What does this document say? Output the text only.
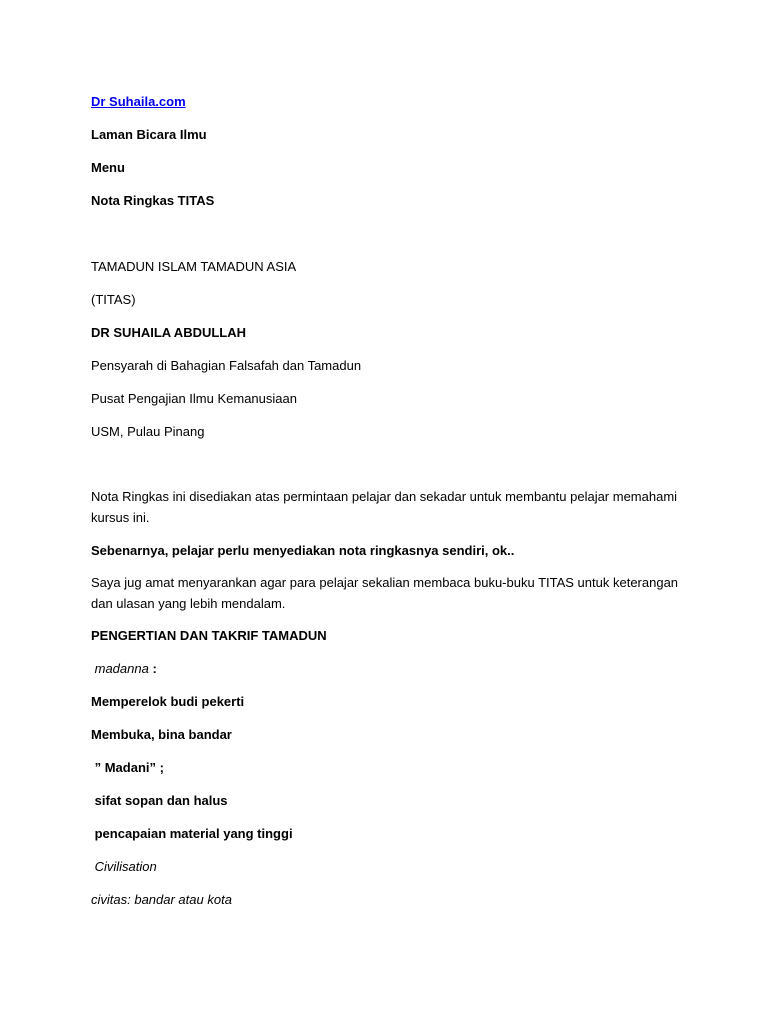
Dr Suhaila.com
Laman Bicara Ilmu
Menu
Nota Ringkas TITAS
TAMADUN ISLAM TAMADUN ASIA
(TITAS)
DR SUHAILA ABDULLAH
Pensyarah di Bahagian Falsafah dan Tamadun
Pusat Pengajian Ilmu Kemanusiaan
USM, Pulau Pinang
Nota Ringkas ini disediakan atas permintaan pelajar dan sekadar untuk membantu pelajar memahami kursus ini.
Sebenarnya, pelajar perlu menyediakan nota ringkasnya sendiri, ok..
Saya jug amat menyarankan agar para pelajar sekalian membaca buku-buku TITAS untuk keterangan dan ulasan yang lebih mendalam.
PENGERTIAN DAN TAKRIF TAMADUN
madanna :
Memperelok budi pekerti
Membuka, bina bandar
” Madani” ;
sifat sopan dan halus
pencapaian material yang tinggi
Civilisation
civitas: bandar atau kota
